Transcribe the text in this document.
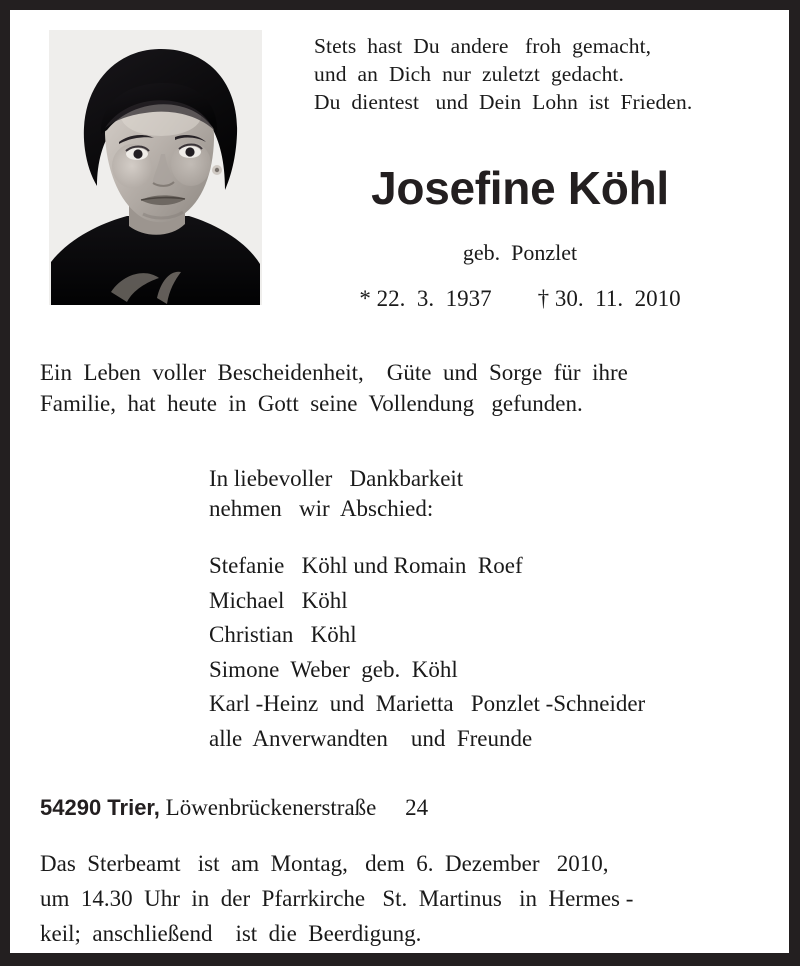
Stets  hast  Du  andere   froh  gemacht,
und  an  Dich  nur  zuletzt  gedacht.
Du  dientest   und  Dein  Lohn  ist  Frieden.
Josefine Köhl
geb.  Ponzlet
* 22.  3.  1937 † 30.  11.  2010
Ein  Leben  voller  Bescheidenheit,    Güte  und  Sorge  für  ihre
Familie,  hat  heute  in  Gott  seine  Vollendung   gefunden.
In liebevoller   Dankbarkeit
nehmen   wir  Abschied:
Stefanie   Köhl und Romain  Roef
Michael   Köhl
Christian   Köhl
Simone  Weber  geb.  Köhl
Karl -Heinz  und  Marietta   Ponzlet -Schneider
alle  Anverwandten    und  Freunde
54290 Trier, Löwenbrückenerstraße 24
Das  Sterbeamt   ist  am  Montag,   dem  6.  Dezember   2010,
um  14.30  Uhr  in  der  Pfarrkirche   St.  Martinus   in  Hermes -
keil;  anschließend    ist  die  Beerdigung.
